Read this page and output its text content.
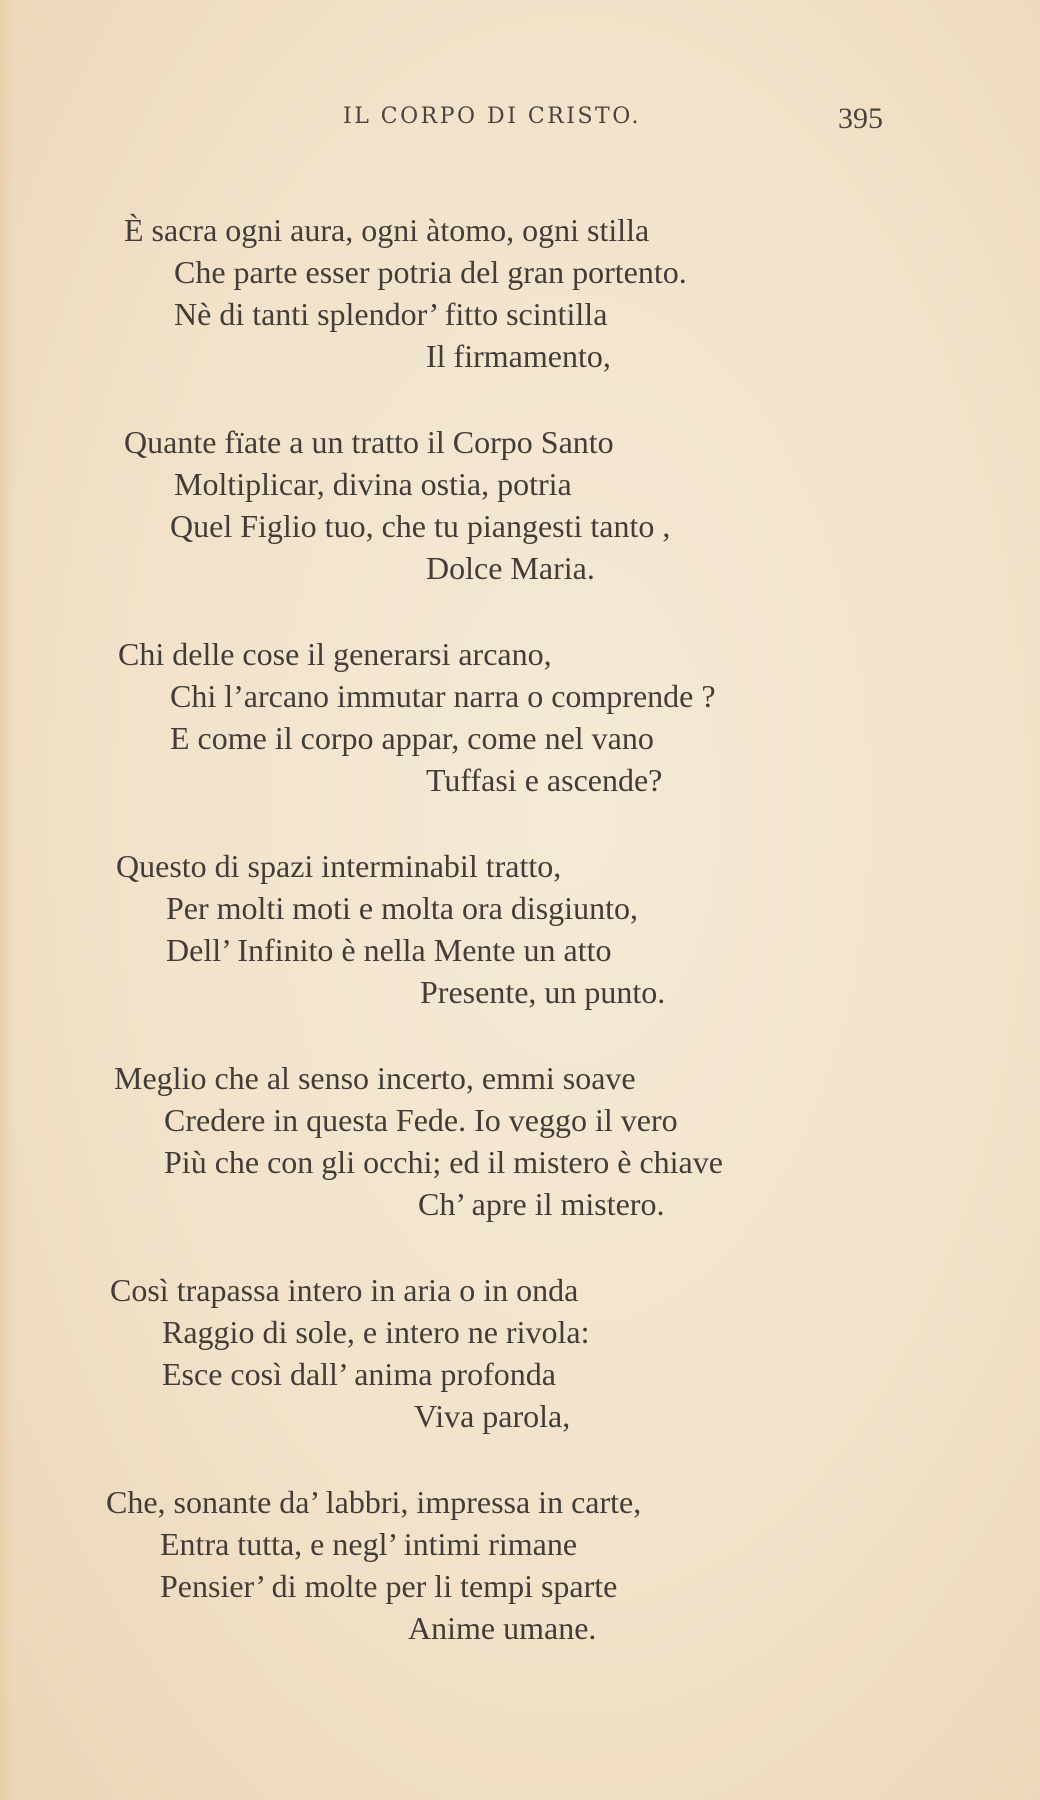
IL CORPO DI CRISTO.	395
È sacra ogni aura, ogni àtomo, ogni stilla
Che parte esser potria del gran portento.
Nè di tanti splendor’ fitto scintilla
Il firmamento,
Quante fïate a un tratto il Corpo Santo
Moltiplicar, divina ostia, potria
Quel Figlio tuo, che tu piangesti tanto ,
Dolce Maria.
Chi delle cose il generarsi arcano,
Chi l’arcano immutar narra o comprende ?
E come il corpo appar, come nel vano
Tuffasi e ascende?
Questo di spazi interminabil tratto,
Per molti moti e molta ora disgiunto,
Dell’ Infinito è nella Mente un atto
Presente, un punto.
Meglio che al senso incerto, emmi soave
Credere in questa Fede. Io veggo il vero
Più che con gli occhi; ed il mistero è chiave
Ch’ apre il mistero.
Così trapassa intero in aria o in onda
Raggio di sole, e intero ne rivola:
Esce così dall’ anima profonda
Viva parola,
Che, sonante da’ labbri, impressa in carte,
Entra tutta, e negl’ intimi rimane
Pensier’ di molte per li tempi sparte
Anime umane.
